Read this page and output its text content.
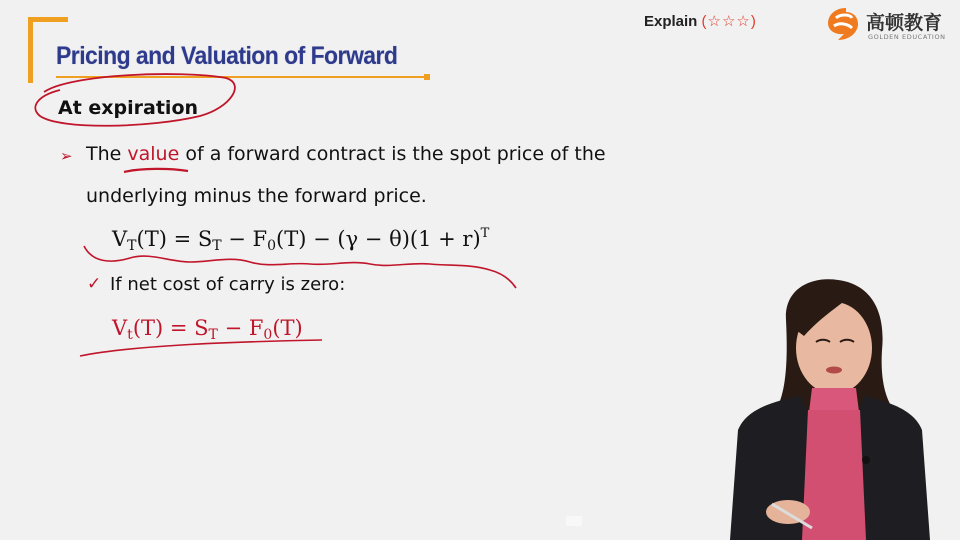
Pricing and Valuation of Forward
Explain (☆☆☆)	高顿教育
GOLDEN EDUCATION
At expiration
➢ The value of a forward contract is the spot price of the
underlying minus the forward price.
$V_T(T) = S_T - F_0(T) - (\gamma - \theta)(1 + r)^T$
✓ If net cost of carry is zero:
$V_t(T) = S_T - F_0(T)$
